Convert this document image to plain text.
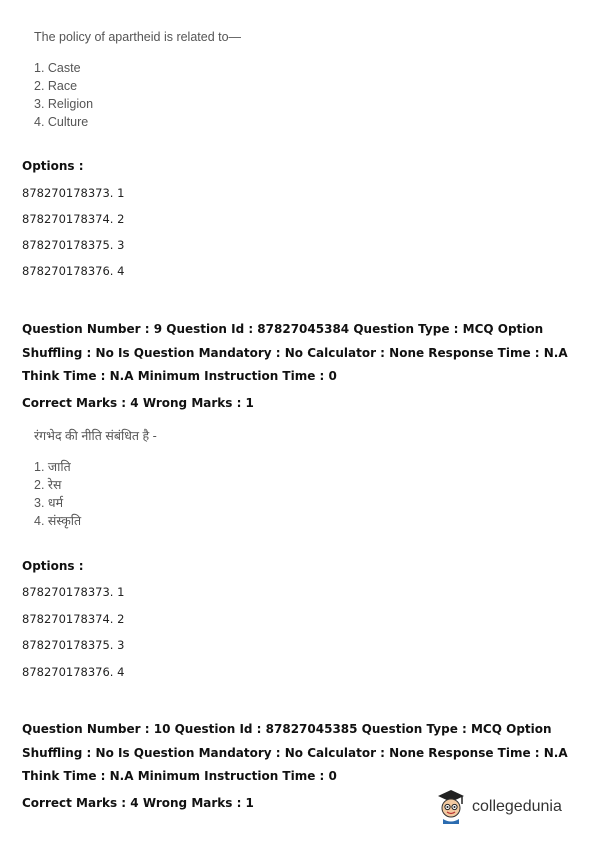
The policy of apartheid is related to—
1. Caste
2. Race
3. Religion
4. Culture
Options :
878270178373. 1
878270178374. 2
878270178375. 3
878270178376. 4
Question Number : 9 Question Id : 87827045384 Question Type : MCQ Option Shuffling : No Is Question Mandatory : No Calculator : None Response Time : N.A Think Time : N.A Minimum Instruction Time : 0
Correct Marks : 4 Wrong Marks : 1
रंगभेद की नीति संबंधित है -
1. जाति
2. रेस
3. धर्म
4. संस्कृति
Options :
878270178373. 1
878270178374. 2
878270178375. 3
878270178376. 4
Question Number : 10 Question Id : 87827045385 Question Type : MCQ Option Shuffling : No Is Question Mandatory : No Calculator : None Response Time : N.A Think Time : N.A Minimum Instruction Time : 0
Correct Marks : 4 Wrong Marks : 1	collegedunia
